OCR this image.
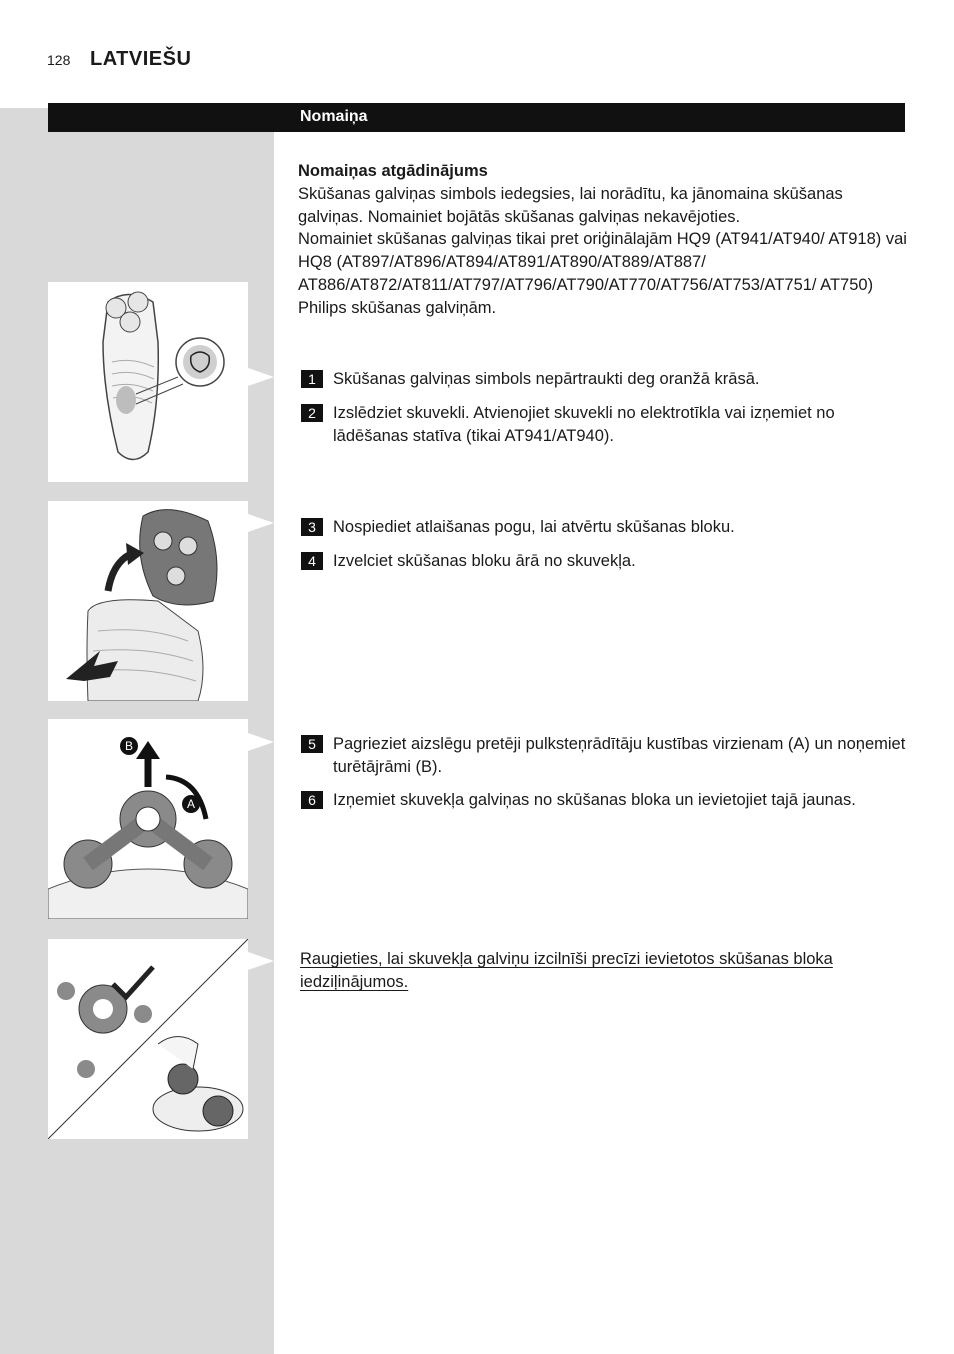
128 LATVIEŠU
Nomaiņa
Nomaiņas atgādinājums

Skūšanas galviņas simbols iedegsies, lai norādītu, ka jānomaina skūšanas galviņas. Nomainiet bojātās skūšanas galviņas nekavējoties.

Nomainiet skūšanas galviņas tikai pret oriģinālajām HQ9 (AT941/AT940/ AT918) vai HQ8 (AT897/AT896/AT894/AT891/AT890/AT889/AT887/ AT886/AT872/AT811/AT797/AT796/AT790/AT770/AT756/AT753/AT751/ AT750) Philips skūšanas galviņām.

B
A
1	Skūšanas galviņas simbols nepārtraukti deg oranžā krāsā.
2	Izslēdziet skuvekli. Atvienojiet skuvekli no elektrotīkla vai izņemiet no lādēšanas statīva (tikai AT941/AT940).
3	Nospiediet atlaišanas pogu, lai atvērtu skūšanas bloku.
4	Izvelciet skūšanas bloku ārā no skuvekļa.
5	Pagrieziet aizslēgu pretēji pulksteņrādītāju kustības virzienam (A) un noņemiet turētājrāmi (B).
6	Izņemiet skuvekļa galviņas no skūšanas bloka un ievietojiet tajā jaunas.
Raugieties, lai skuvekļa galviņu izcilnīši precīzi ievietotos skūšanas bloka iedziļinājumos.
